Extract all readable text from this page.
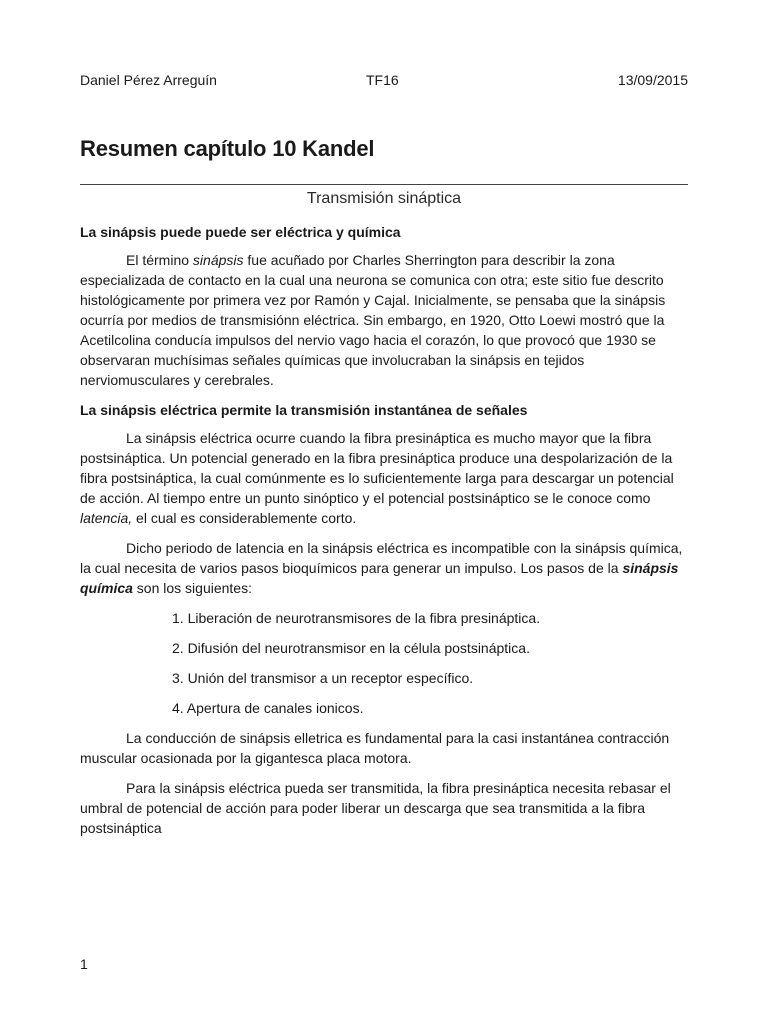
Daniel Pérez Arreguín	TF16	13/09/2015
Resumen capítulo 10 Kandel
Transmisión sináptica
La sinápsis puede puede ser eléctrica y química

El término sinápsis fue acuñado por Charles Sherrington para describir la zona especializada de contacto en la cual una neurona se comunica con otra; este sitio fue descrito histológicamente por primera vez por Ramón y Cajal. Inicialmente, se pensaba que la sinápsis ocurría por medios de transmisiónn eléctrica. Sin embargo, en 1920, Otto Loewi mostró que la Acetilcolina conducía impulsos del nervio vago hacia el corazón, lo que provocó que 1930 se observaran muchísimas señales químicas que involucraban la sinápsis en tejidos nerviomusculares y cerebrales.

La sinápsis eléctrica permite la transmisión instantánea de señales

La sinápsis eléctrica ocurre cuando la fibra presináptica es mucho mayor que la fibra postsináptica. Un potencial generado en la fibra presináptica produce una despolarización de la fibra postsináptica, la cual comúnmente es lo suficientemente larga para descargar un potencial de acción. Al tiempo entre un punto sinóptico y el potencial postsináptico se le conoce como latencia, el cual es considerablemente corto.

Dicho periodo de latencia en la sinápsis eléctrica es incompatible con la sinápsis química, la cual necesita de varios pasos bioquímicos para generar un impulso. Los pasos de la sinápsis química son los siguientes:

1. Liberación de neurotransmisores de la fibra presináptica.
2. Difusión del neurotransmisor en la célula postsináptica.
3. Unión del transmisor a un receptor específico.
4. Apertura de canales ionicos.

La conducción de sinápsis elletrica es fundamental para la casi instantánea contracción muscular ocasionada por la gigantesca placa motora.

Para la sinápsis eléctrica pueda ser transmitida, la fibra presináptica necesita rebasar el umbral de potencial de acción para poder liberar un descarga que sea transmitida a la fibra postsináptica

1
